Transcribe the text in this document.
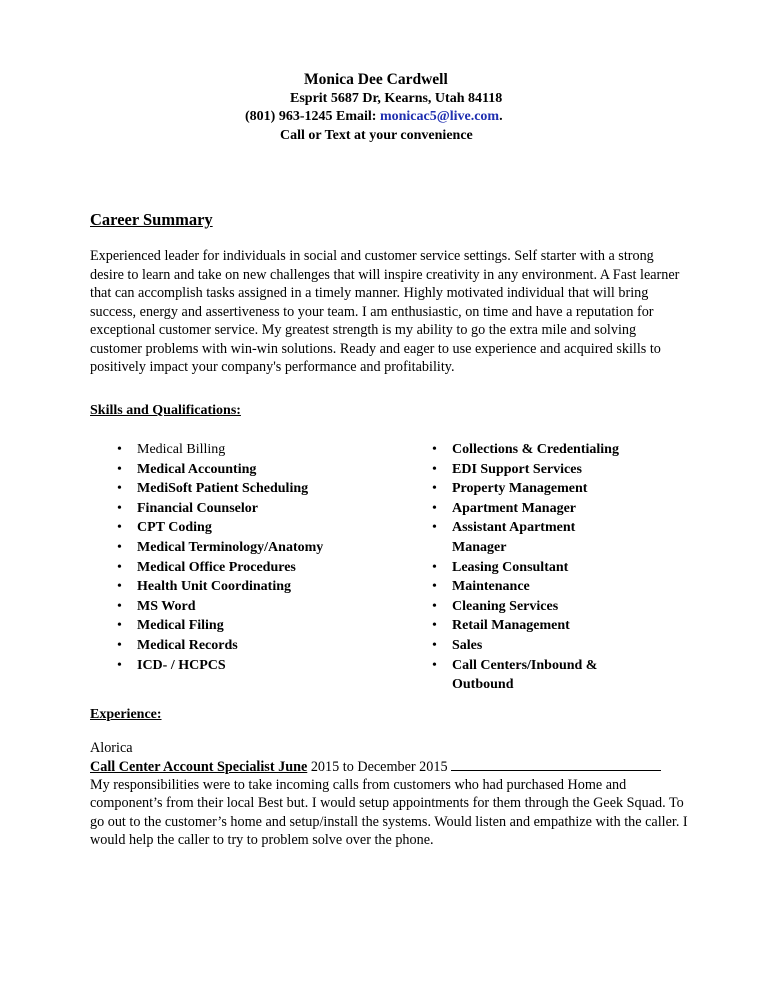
Monica Dee Cardwell
Esprit 5687 Dr, Kearns, Utah 84118
(801) 963-1245 Email: monicac5@live.com.
Call or Text at your convenience
Career Summary
Experienced leader for individuals in social and customer service settings. Self starter with a strong desire to learn and take on new challenges that will inspire creativity in any environment. A Fast learner that can accomplish tasks assigned in a timely manner. Highly motivated individual that will bring success, energy and assertiveness to your team. I am enthusiastic, on time and have a reputation for exceptional customer service. My greatest strength is my ability to go the extra mile and solving customer problems with win-win solutions. Ready and eager to use experience and acquired skills to positively impact your company's performance and profitability.
Skills and Qualifications:
• Medical Billing
• Medical Accounting
• MediSoft Patient Scheduling
• Financial Counselor
• CPT Coding
• Medical Terminology/Anatomy
• Medical Office Procedures
• Health Unit Coordinating
• MS Word
• Medical Filing
• Medical Records
• ICD- / HCPCS
• Collections & Credentialing
• EDI Support Services
• Property Management
• Apartment Manager
• Assistant Apartment Manager
• Leasing Consultant
• Maintenance
• Cleaning Services
• Retail Management
• Sales
• Call Centers/Inbound & Outbound
Experience:
Alorica
Call Center Account Specialist June 2015 to December 2015
My responsibilities were to take incoming calls from customers who had purchased Home and component’s from their local Best but. I would setup appointments for them through the Geek Squad. To go out to the customer’s home and setup/install the systems. Would listen and empathize with the caller. I would help the caller to try to problem solve over the phone.
